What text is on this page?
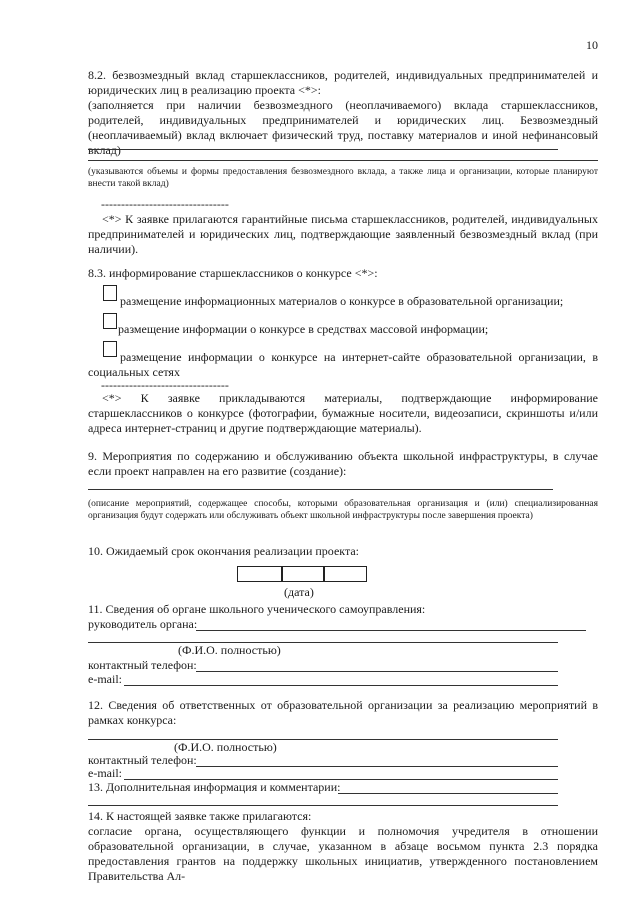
10

8.2. безвозмездный вклад старшеклассников, родителей, индивидуальных предпринимателей и юридических лиц в реализацию проекта <*>:

(заполняется при наличии безвозмездного (неоплачиваемого) вклада старшеклассников, родителей, индивидуальных предпринимателей и юридических лиц. Безвозмездный (неоплачиваемый) вклад включает физический труд, поставку материалов и иной нефинансовый вклад)

(указываются объемы и формы предоставления безвозмездного вклада, а также лица и организации, которые планируют внести такой вклад)

--------------------------------

<*> К заявке прилагаются гарантийные письма старшеклассников, родителей, индивидуальных предпринимателей и юридических лиц, подтверждающие заявленный безвозмездный вклад (при наличии).

8.3. информирование старшеклассников о конкурсе <*>:

размещение информационных материалов о конкурсе в образовательной организации;
размещение информации о конкурсе в средствах массовой информации;

размещение информации о конкурсе на интернет-сайте образовательной организации, в социальных сетях

--------------------------------

<*> К заявке прикладываются материалы, подтверждающие информирование старшеклассников о конкурсе (фотографии, бумажные носители, видеозаписи, скриншоты и/или адреса интернет-страниц и другие подтверждающие материалы).

9. Мероприятия по содержанию и обслуживанию объекта школьной инфраструктуры, в случае если проект направлен на его развитие (создание):

(описание мероприятий, содержащее способы, которыми образовательная организация и (или) специализированная организация будут содержать или обслуживать объект школьной инфраструктуры после завершения проекта)

10. Ожидаемый срок окончания реализации проекта:

(дата)

11. Сведения об органе школьного ученического самоуправления:

руководитель органа:
(Ф.И.О. полностью)
контактный телефон:
e-mail:

12. Сведения об ответственных от образовательной организации за реализацию мероприятий в рамках конкурса:

(Ф.И.О. полностью)
контактный телефон:
e-mail:
13. Дополнительная информация и комментарии:

14. К настоящей заявке также прилагаются:

согласие органа, осуществляющего функции и полномочия учредителя в отношении образовательной организации, в случае, указанном в абзаце восьмом пункта 2.3 порядка предоставления грантов на поддержку школьных инициатив, утвержденного постановлением Правительства Ал-
